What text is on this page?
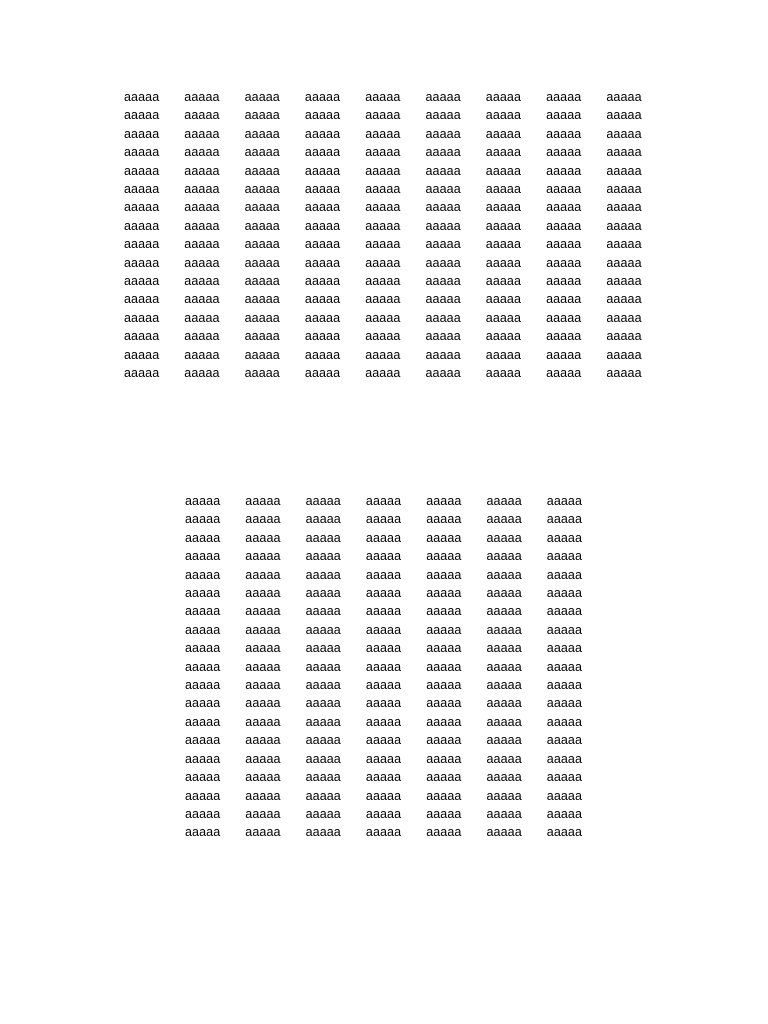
aaaaa	aaaaa	aaaaa	aaaaa	aaaaa	aaaaa	aaaaa	aaaaa	aaaaa
aaaaa	aaaaa	aaaaa	aaaaa	aaaaa	aaaaa	aaaaa	aaaaa	aaaaa
aaaaa	aaaaa	aaaaa	aaaaa	aaaaa	aaaaa	aaaaa	aaaaa	aaaaa
aaaaa	aaaaa	aaaaa	aaaaa	aaaaa	aaaaa	aaaaa	aaaaa	aaaaa
aaaaa	aaaaa	aaaaa	aaaaa	aaaaa	aaaaa	aaaaa	aaaaa	aaaaa
aaaaa	aaaaa	aaaaa	aaaaa	aaaaa	aaaaa	aaaaa	aaaaa	aaaaa
aaaaa	aaaaa	aaaaa	aaaaa	aaaaa	aaaaa	aaaaa	aaaaa	aaaaa
aaaaa	aaaaa	aaaaa	aaaaa	aaaaa	aaaaa	aaaaa	aaaaa	aaaaa
aaaaa	aaaaa	aaaaa	aaaaa	aaaaa	aaaaa	aaaaa	aaaaa	aaaaa
aaaaa	aaaaa	aaaaa	aaaaa	aaaaa	aaaaa	aaaaa	aaaaa	aaaaa
aaaaa	aaaaa	aaaaa	aaaaa	aaaaa	aaaaa	aaaaa	aaaaa	aaaaa
aaaaa	aaaaa	aaaaa	aaaaa	aaaaa	aaaaa	aaaaa	aaaaa	aaaaa
aaaaa	aaaaa	aaaaa	aaaaa	aaaaa	aaaaa	aaaaa	aaaaa	aaaaa
aaaaa	aaaaa	aaaaa	aaaaa	aaaaa	aaaaa	aaaaa	aaaaa	aaaaa
aaaaa	aaaaa	aaaaa	aaaaa	aaaaa	aaaaa	aaaaa	aaaaa	aaaaa
aaaaa	aaaaa	aaaaa	aaaaa	aaaaa	aaaaa	aaaaa	aaaaa	aaaaa
aaaaa	aaaaa	aaaaa	aaaaa	aaaaa	aaaaa	aaaaa
aaaaa	aaaaa	aaaaa	aaaaa	aaaaa	aaaaa	aaaaa
aaaaa	aaaaa	aaaaa	aaaaa	aaaaa	aaaaa	aaaaa
aaaaa	aaaaa	aaaaa	aaaaa	aaaaa	aaaaa	aaaaa
aaaaa	aaaaa	aaaaa	aaaaa	aaaaa	aaaaa	aaaaa
aaaaa	aaaaa	aaaaa	aaaaa	aaaaa	aaaaa	aaaaa
aaaaa	aaaaa	aaaaa	aaaaa	aaaaa	aaaaa	aaaaa
aaaaa	aaaaa	aaaaa	aaaaa	aaaaa	aaaaa	aaaaa
aaaaa	aaaaa	aaaaa	aaaaa	aaaaa	aaaaa	aaaaa
aaaaa	aaaaa	aaaaa	aaaaa	aaaaa	aaaaa	aaaaa
aaaaa	aaaaa	aaaaa	aaaaa	aaaaa	aaaaa	aaaaa
aaaaa	aaaaa	aaaaa	aaaaa	aaaaa	aaaaa	aaaaa
aaaaa	aaaaa	aaaaa	aaaaa	aaaaa	aaaaa	aaaaa
aaaaa	aaaaa	aaaaa	aaaaa	aaaaa	aaaaa	aaaaa
aaaaa	aaaaa	aaaaa	aaaaa	aaaaa	aaaaa	aaaaa
aaaaa	aaaaa	aaaaa	aaaaa	aaaaa	aaaaa	aaaaa
aaaaa	aaaaa	aaaaa	aaaaa	aaaaa	aaaaa	aaaaa
aaaaa	aaaaa	aaaaa	aaaaa	aaaaa	aaaaa	aaaaa
aaaaa	aaaaa	aaaaa	aaaaa	aaaaa	aaaaa	aaaaa
